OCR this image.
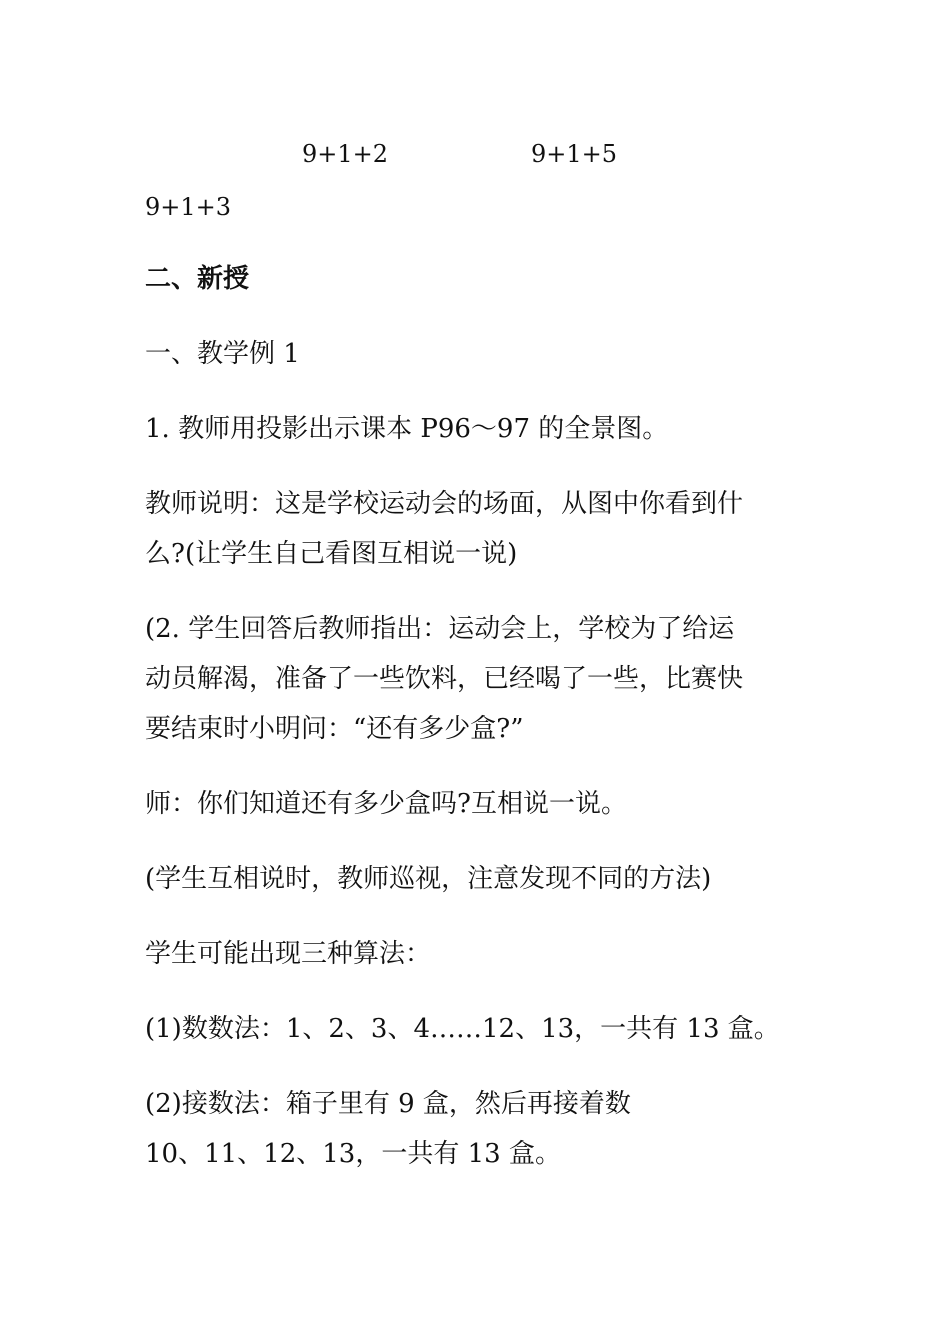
9+1+2	9+1+5
9+1+3
二、新授
一、教学例 1
1. 教师用投影出示课本 P96～97 的全景图。
教师说明：这是学校运动会的场面，从图中你看到什
么?(让学生自己看图互相说一说)
(2. 学生回答后教师指出：运动会上，学校为了给运
动员解渴，准备了一些饮料，已经喝了一些，比赛快
要结束时小明问：“还有多少盒?”
师：你们知道还有多少盒吗?互相说一说。
(学生互相说时，教师巡视，注意发现不同的方法)
学生可能出现三种算法：
(1)数数法：1、2、3、4……12、13，一共有 13 盒。
(2)接数法：箱子里有 9 盒，然后再接着数
10、11、12、13，一共有 13 盒。
